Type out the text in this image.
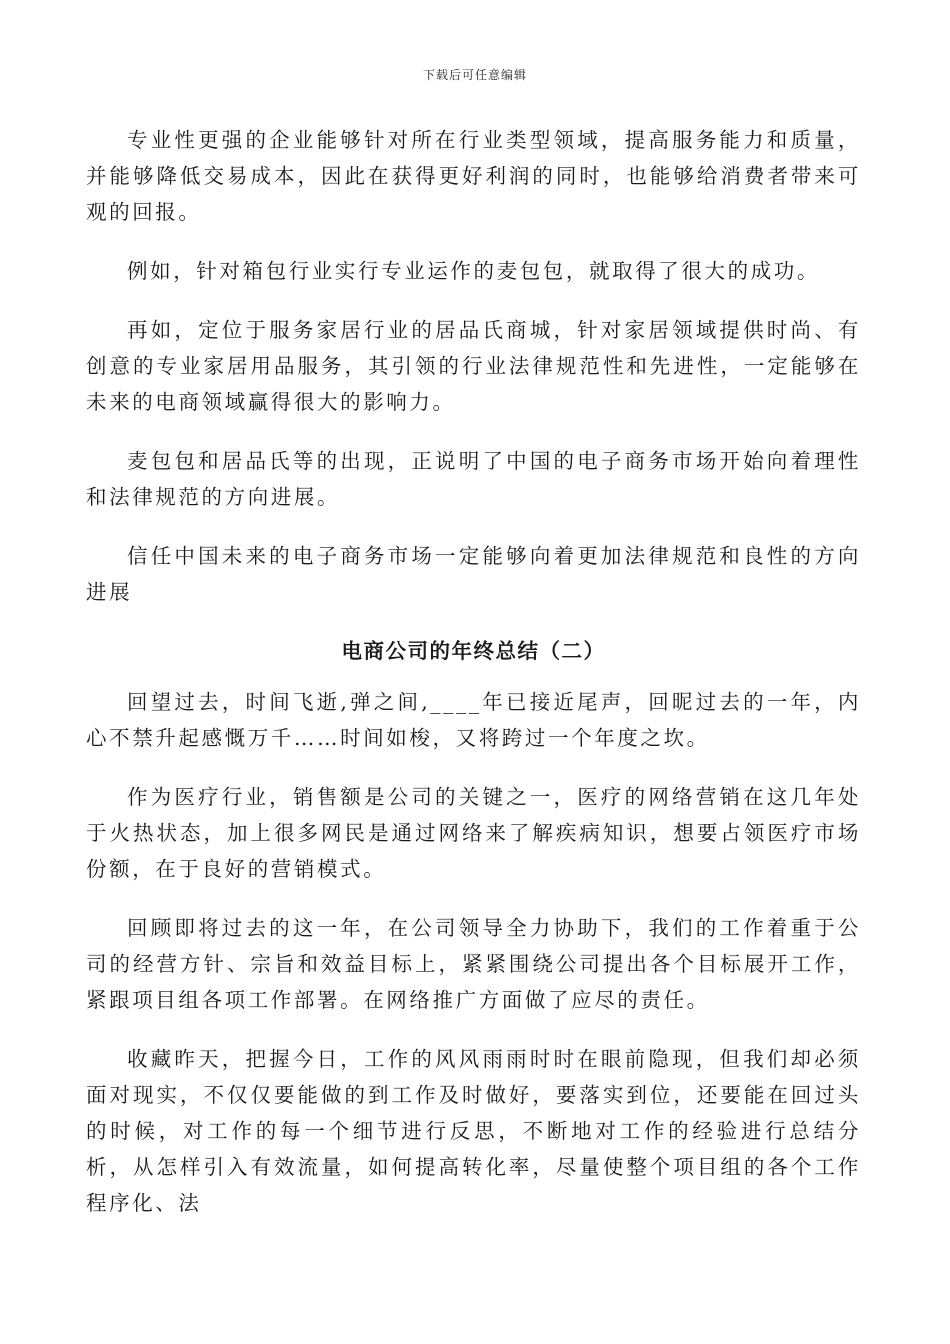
下载后可任意编辑

专业性更强的企业能够针对所在行业类型领域，提高服务能力和质量，并能够降低交易成本，因此在获得更好利润的同时，也能够给消费者带来可观的回报。

例如，针对箱包行业实行专业运作的麦包包，就取得了很大的成功。

再如，定位于服务家居行业的居品氏商城，针对家居领域提供时尚、有创意的专业家居用品服务，其引领的行业法律规范性和先进性，一定能够在未来的电商领域赢得很大的影响力。

麦包包和居品氏等的出现，正说明了中国的电子商务市场开始向着理性和法律规范的方向进展。

信任中国未来的电子商务市场一定能够向着更加法律规范和良性的方向进展

电商公司的年终总结（二）

回望过去，时间飞逝,弹之间,____年已接近尾声，回昵过去的一年，内心不禁升起感慨万千……时间如梭，又将跨过一个年度之坎。

作为医疗行业，销售额是公司的关键之一，医疗的网络营销在这几年处于火热状态，加上很多网民是通过网络来了解疾病知识，想要占领医疗市场份额，在于良好的营销模式。

回顾即将过去的这一年，在公司领导全力协助下，我们的工作着重于公司的经营方针、宗旨和效益目标上，紧紧围绕公司提出各个目标展开工作，紧跟项目组各项工作部署。在网络推广方面做了应尽的责任。

收藏昨天，把握今日，工作的风风雨雨时时在眼前隐现，但我们却必须面对现实，不仅仅要能做的到工作及时做好，要落实到位，还要能在回过头的时候，对工作的每一个细节进行反思，不断地对工作的经验进行总结分析，从怎样引入有效流量，如何提高转化率，尽量使整个项目组的各个工作程序化、法
